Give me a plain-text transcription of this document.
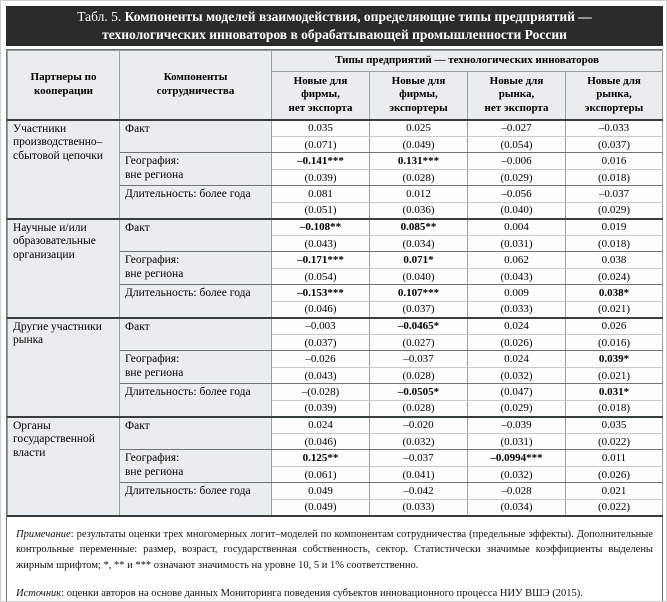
Табл. 5. Компоненты моделей взаимодействия, определяющие типы предприятий —
технологических инноваторов в обрабатывающей промышленности России
Партнеры по
кооперации	Компоненты
сотрудничества	Типы предприятий — технологических инноваторов			
		Новые для
фирмы,
нет экспорта	Новые для
фирмы,
экспортеры	Новые для
рынка,
нет экспорта	Новые для
рынка,
экспортеры
Участники
производственно–
сбытовой цепочки	Факт	0.035	0.025	–0.027	–0.033
		(0.071)	(0.049)	(0.054)	(0.037)
	География:
вне региона	–0.141***	0.131***	–0.006	0.016
		(0.039)	(0.028)	(0.029)	(0.018)
	Длительность: более года	0.081	0.012	–0.056	–0.037
		(0.051)	(0.036)	(0.040)	(0.029)
Научные и/или
образовательные
организации	Факт	–0.108**	0.085**	0.004	0.019
		(0.043)	(0.034)	(0.031)	(0.018)
	География:
вне региона	–0.171***	0.071*	0.062	0.038
		(0.054)	(0.040)	(0.043)	(0.024)
	Длительность: более года	–0.153***	0.107***	0.009	0.038*
		(0.046)	(0.037)	(0.033)	(0.021)
Другие участники
рынка	Факт	–0.003	–0.0465*	0.024	0.026
		(0.037)	(0.027)	(0.026)	(0.016)
	География:
вне региона	–0.026	–0.037	0.024	0.039*
		(0.043)	(0.028)	(0.032)	(0.021)
	Длительность: более года	–(0.028)	–0.0505*	(0.047)	0.031*
		(0.039)	(0.028)	(0.029)	(0.018)
Органы
государственной
власти	Факт	0.024	–0.020	–0.039	0.035
		(0.046)	(0.032)	(0.031)	(0.022)
	География:
вне региона	0.125**	–0.037	–0.0994***	0.011
		(0.061)	(0.041)	(0.032)	(0.026)
	Длительность: более года	0.049	–0.042	–0.028	0.021
		(0.049)	(0.033)	(0.034)	(0.022)

Примечание: результаты оценки трех многомерных логит–моделей по компонентам сотрудничества (предельные эффекты). Дополнительные контрольные переменные: размер, возраст, государственная собственность, сектор. Статистически значимые коэффициенты выделены жирным шрифтом; *, ** и *** означают значимость на уровне 10, 5 и 1% соответственно.

Источник: оценки авторов на основе данных Мониторинга поведения субъектов инновационного процесса НИУ ВШЭ (2015).
